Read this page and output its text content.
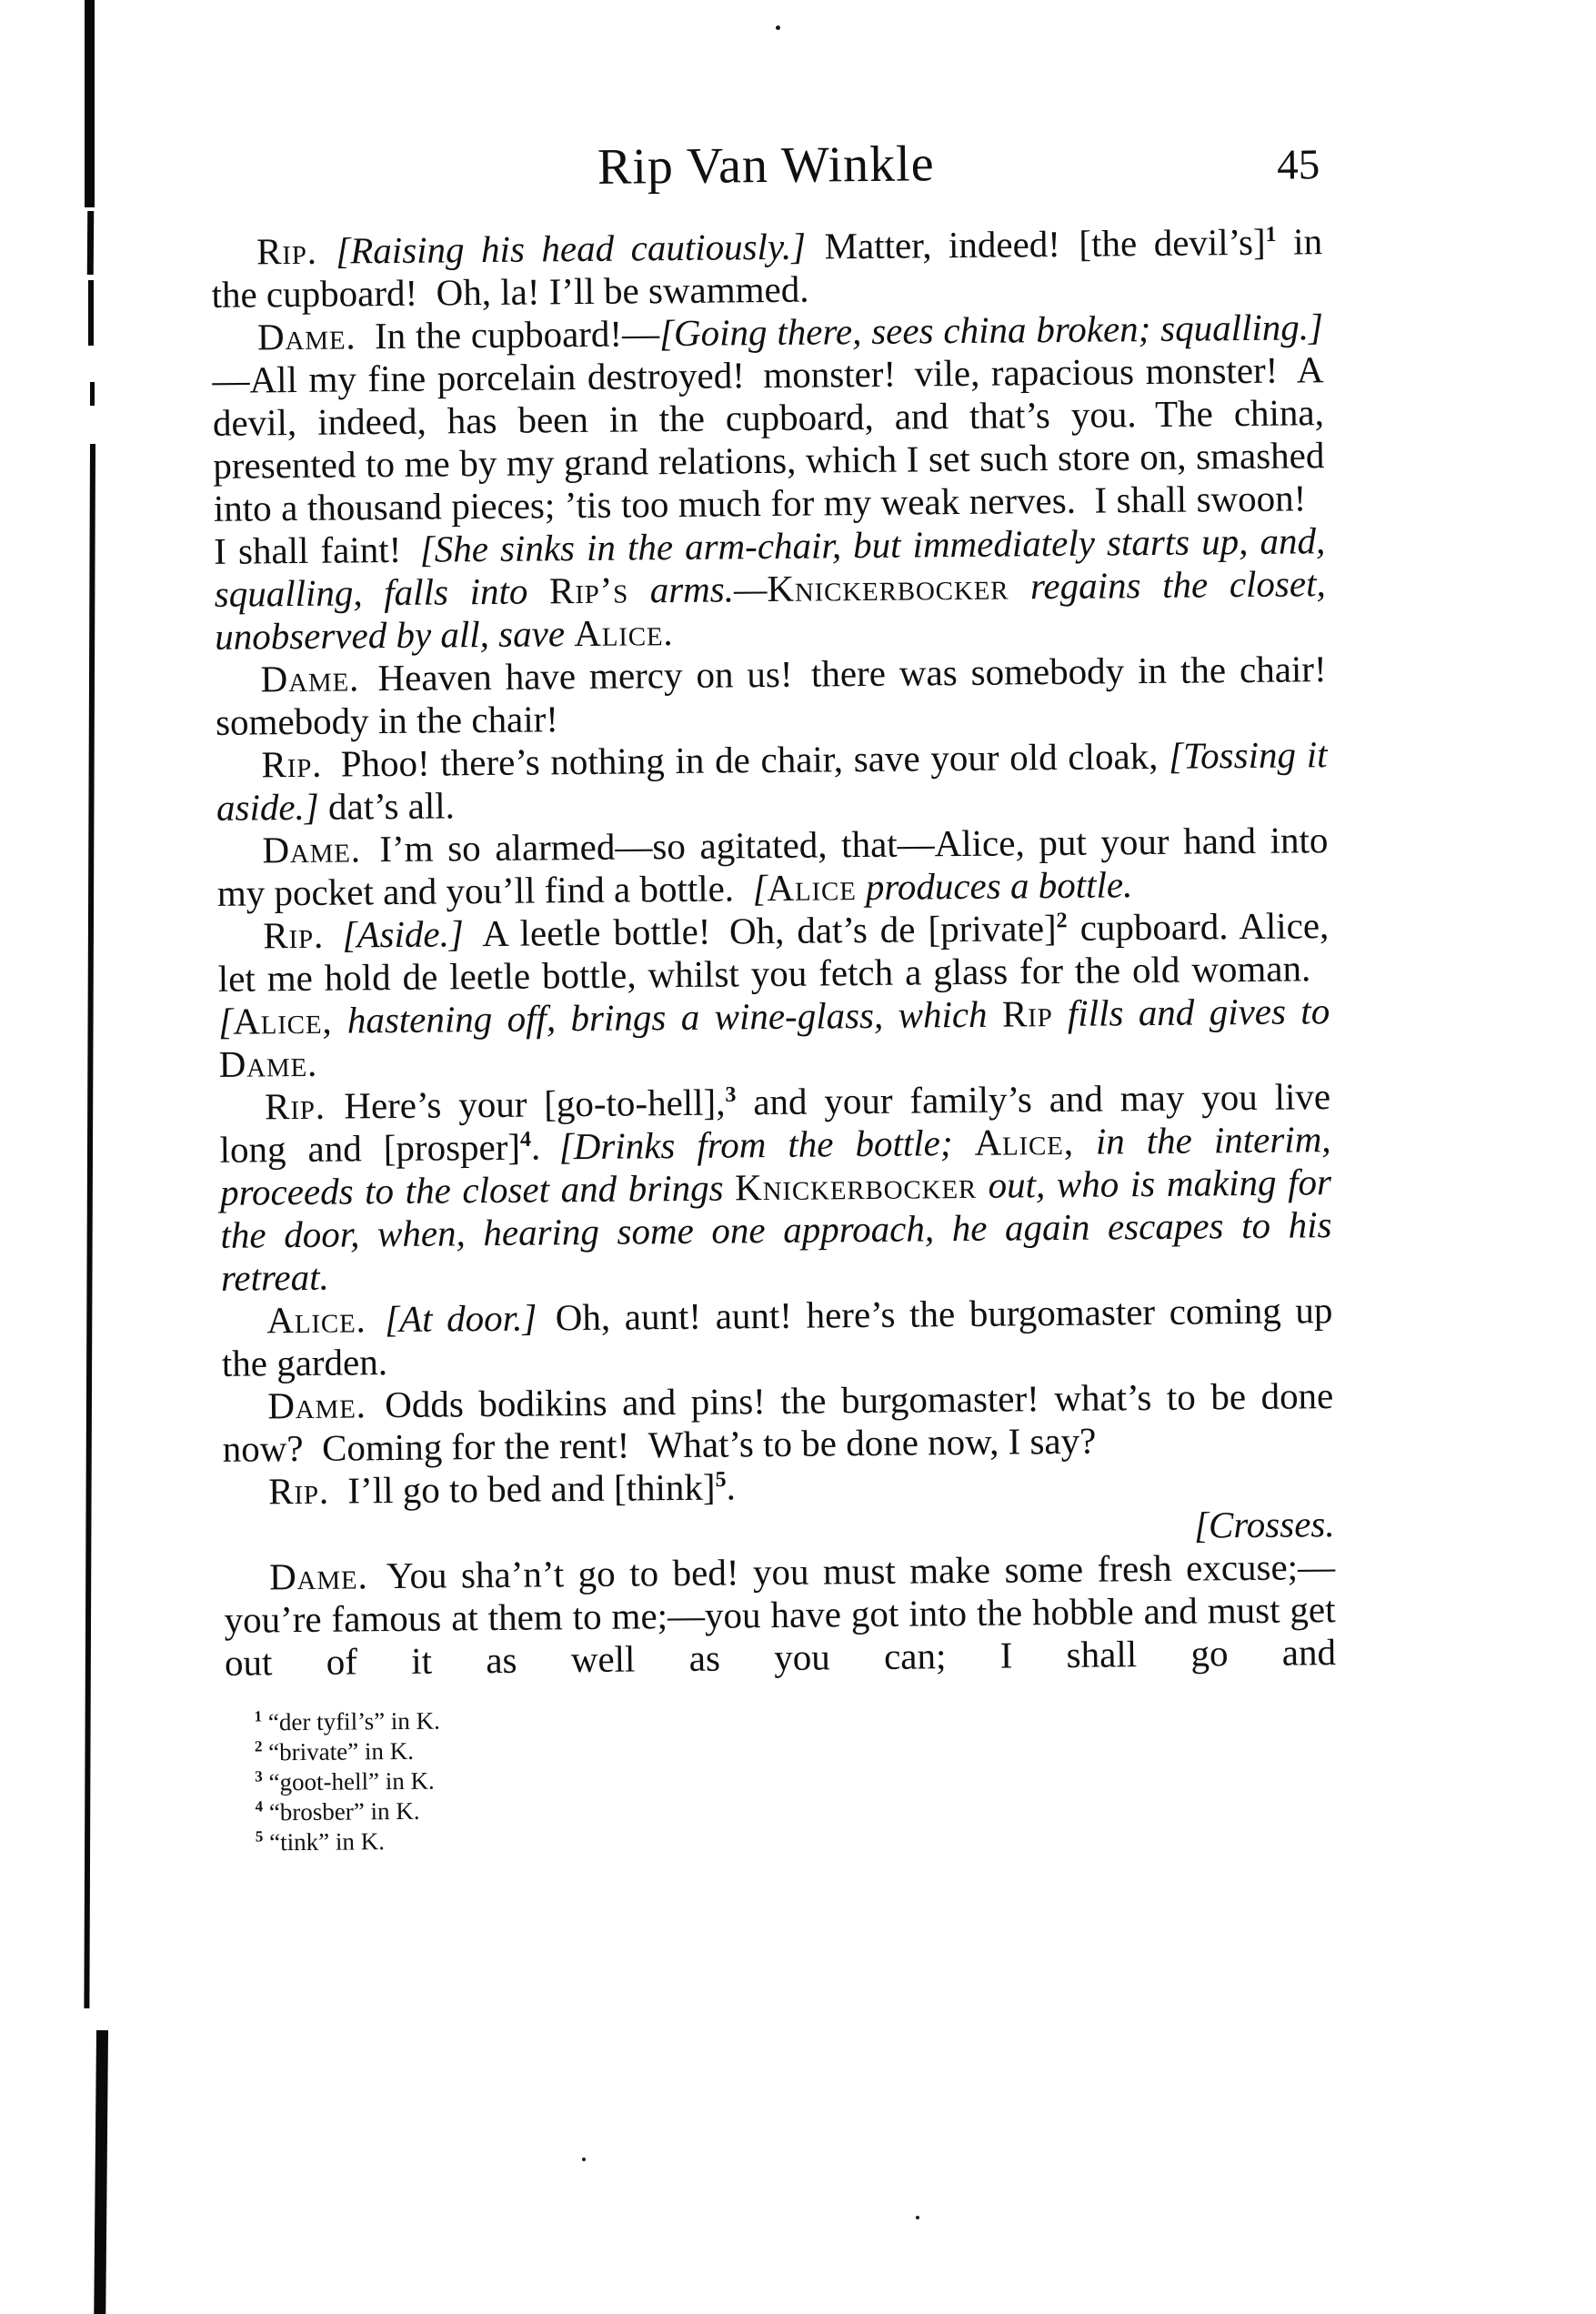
Rip Van Winkle	45

Rip.  [Raising his head cautiously.] Matter, indeed! [the devil’s]$^1$ in the cupboard! Oh, la! I’ll be swammed.

Dame. In the cupboard!—[Going there, sees china broken; squalling.]—All my fine porcelain destroyed! monster! vile, rapacious monster! A devil, indeed, has been in the cupboard, and that’s you. The china, presented to me by my grand relations, which I set such store on, smashed into a thousand pieces; ’tis too much for my weak nerves. I shall swoon! I shall faint! [She sinks in the arm-chair, but immediately starts up, and, squalling, falls into Rip’s arms.—Knickerbocker regains the closet, unobserved by all, save Alice.

Dame. Heaven have mercy on us! there was somebody in the chair! somebody in the chair!

Rip. Phoo! there’s nothing in de chair, save your old cloak, [Tossing it aside.] dat’s all.

Dame. I’m so alarmed—so agitated, that—Alice, put your hand into my pocket and you’ll find a bottle. [Alice produces a bottle.

Rip.  [Aside.] A leetle bottle! Oh, dat’s de [private]$^2$ cupboard. Alice, let me hold de leetle bottle, whilst you fetch a glass for the old woman. [Alice, hastening off, brings a wine-glass, which Rip fills and gives to Dame.

Rip. Here’s your [go-to-hell],$^3$ and your family’s and may you live long and [prosper]$^4$. [Drinks from the bottle; Alice, in the interim, proceeds to the closet and brings Knickerbocker out, who is making for the door, when, hearing some one approach, he again escapes to his retreat.

Alice.  [At door.] Oh, aunt! aunt! here’s the burgomaster coming up the garden.

Dame. Odds bodikins and pins! the burgomaster! what’s to be done now? Coming for the rent! What’s to be done now, I say?

Rip. I’ll go to bed and [think]$^5$.

[Crosses.

Dame. You sha’n’t go to bed! you must make some fresh excuse;—you’re famous at them to me;—you have got into the hobble and must get out of it as well as you can; I shall go and

$^1$ “der tyfil’s” in K.

$^2$ “brivate” in K.

$^3$ “goot-hell” in K.

$^4$ “brosber” in K.

$^5$ “tink” in K.
